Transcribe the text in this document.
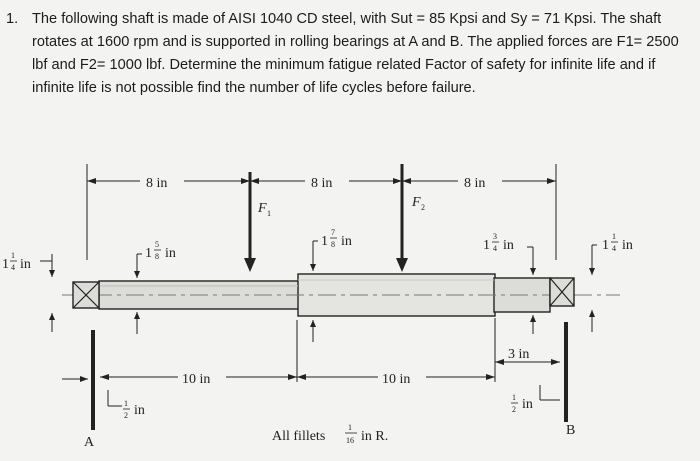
1. The following shaft is made of AISI 1040 CD steel, with Sut = 85 Kpsi and Sy = 71 Kpsi. The shaft rotates at 1600 rpm and is supported in rolling bearings at A and B. The applied forces are F1= 2500 lbf and F2= 1000 lbf. Determine the minimum fatigue related Factor of safety for infinite life and if infinite life is not possible find the number of life cycles before failure.
8 in	8 in	8 in
F 1
F 2
1
1
4 in
1
5
8 in
1
7
8 in	1
3
4 in	1
1
4 in
10 in	10 in
3 in
1
2 in
1
2 in
All fillets
1
16 in R.
A
B
